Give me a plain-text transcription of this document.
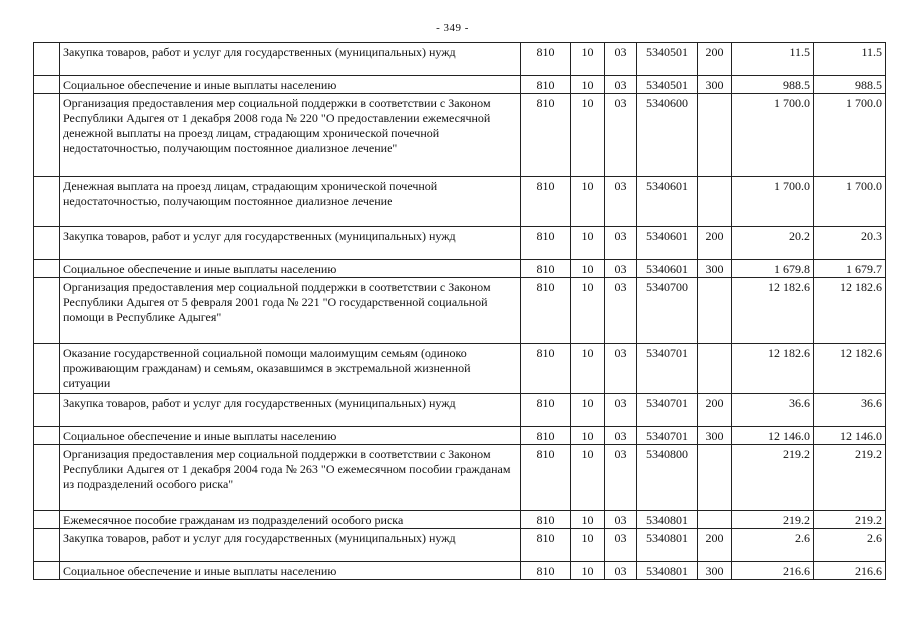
- 349 -
	Закупка товаров, работ и услуг для государственных (муниципальных) нужд	810	10	03	5340501	200	11.5	11.5
	Социальное обеспечение и иные выплаты населению	810	10	03	5340501	300	988.5	988.5
	Организация предоставления мер социальной поддержки в соответствии с Законом Республики Адыгея от 1 декабря 2008 года № 220 "О предоставлении ежемесячной денежной выплаты на проезд лицам, страдающим хронической почечной недостаточностью, получающим постоянное диализное лечение"	810	10	03	5340600		1 700.0	1 700.0
	Денежная выплата на проезд лицам, страдающим хронической почечной недостаточностью, получающим постоянное диализное лечение	810	10	03	5340601		1 700.0	1 700.0
	Закупка товаров, работ и услуг для государственных (муниципальных) нужд	810	10	03	5340601	200	20.2	20.3
	Социальное обеспечение и иные выплаты населению	810	10	03	5340601	300	1 679.8	1 679.7
	Организация предоставления мер социальной поддержки в соответствии с Законом Республики Адыгея от 5 февраля 2001 года № 221 "О государственной социальной помощи в Республике Адыгея"	810	10	03	5340700		12 182.6	12 182.6
	Оказание государственной социальной помощи малоимущим семьям (одиноко проживающим гражданам) и семьям, оказавшимся в экстремальной жизненной ситуации	810	10	03	5340701		12 182.6	12 182.6
	Закупка товаров, работ и услуг для государственных (муниципальных) нужд	810	10	03	5340701	200	36.6	36.6
	Социальное обеспечение и иные выплаты населению	810	10	03	5340701	300	12 146.0	12 146.0
	Организация предоставления мер социальной поддержки в соответствии с Законом Республики Адыгея от 1 декабря 2004 года № 263 "О ежемесячном пособии гражданам из подразделений особого риска"	810	10	03	5340800		219.2	219.2
	Ежемесячное пособие гражданам из подразделений особого риска	810	10	03	5340801		219.2	219.2
	Закупка товаров, работ и услуг для государственных (муниципальных) нужд	810	10	03	5340801	200	2.6	2.6
	Социальное обеспечение и иные выплаты населению	810	10	03	5340801	300	216.6	216.6
